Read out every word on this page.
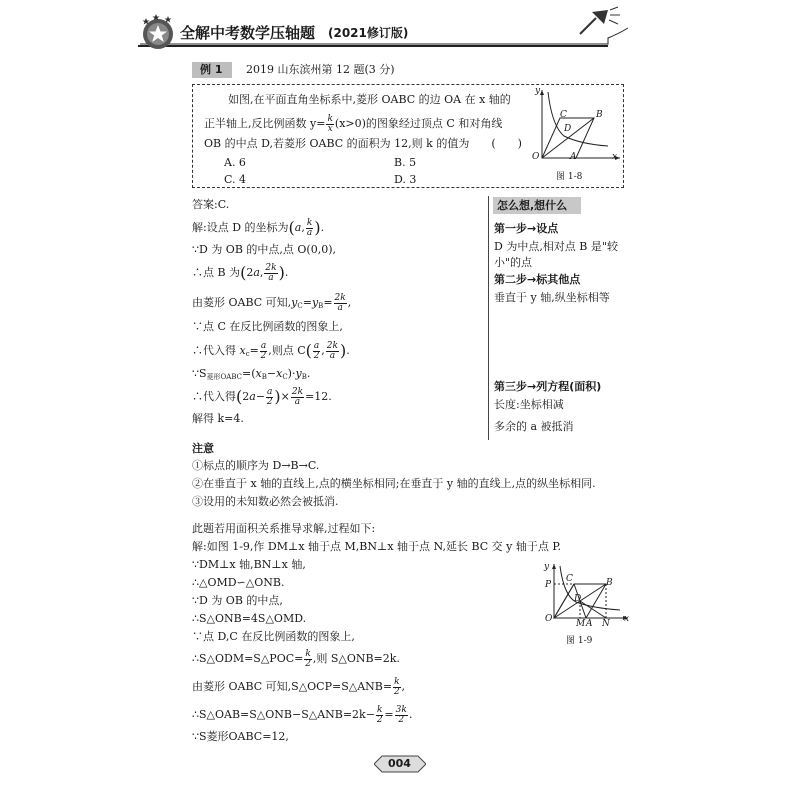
全解中考数学压轴题 (2021修订版)
例 1 2019 山东滨州第 12 题(3 分)
如图,在平面直角坐标系中,菱形 OABC 的边 OA 在 x 轴的
正半轴上,反比例函数 $y= \frac{k}{x} (x>0)$的图象经过顶点 C 和对角线
OB 的中点 D,若菱形 OABC 的面积为 12,则 k 的值为　　(　　)
A. 6	B. 5
C. 4	D. 3
y
C	B
D
O	A	x
图 1-8
答案:C.
解:设点 D 的坐标为(a, $\frac{k}{a}$ ).
∵D 为 OB 的中点,点 O(0,0),
∴点 B 为(2a, $\frac{2k}{a}$ ).
由菱形 OABC 可知$,y_C=y_B= \frac{2k}{a}$ ,
∵点 C 在反比例函数的图象上,
∴代入得 $x_c= \frac{a}{2}$ ,则点 $C( \frac{a}{2}$ , $\frac{2k}{a}$ ).
$\because S_{菱形OABC}=(x_B-x_C)\cdot y_B$.
∴代入得($2a- \frac{a}{2}$ )× $\frac{2k}{a} =12$.
解得 k=4.
怎么想,想什么
第一步→设点
D 为中点,相对点 B 是"较
小"的点
第二步→标其他点
垂直于 y 轴,纵坐标相等
第三步→列方程(面积)
长度:坐标相减
多余的 a 被抵消
注意
①标点的顺序为 D→B→C.
②在垂直于 x 轴的直线上,点的横坐标相同;在垂直于 y 轴的直线上,点的纵坐标相同.
③设用的未知数必然会被抵消.
此题若用面积关系推导求解,过程如下:
解:如图 1-9,作 DM⊥x 轴于点 M,BN⊥x 轴于点 N,延长 BC 交 y 轴于点 P.
∵DM⊥x 轴,BN⊥x 轴,
∴△OMD∽△ONB.
∵D 为 OB 的中点,
∴S△ONB=4S△OMD.
∵点 D,C 在反比例函数的图象上,
∴S△ODM=S△POC= $\frac{k}{2}$ ,则 S△ONB=2k.
由菱形 OABC 可知,S△OCP=S△ANB= $\frac{k}{2}$ ,
∴S△OAB=S△ONB−S△ANB=2k− $\frac{k}{2} = \frac{3k}{2}$ .
∵S菱形OABC=12,
y
C	B
P
D
O	M A N x
图 1-9
004
